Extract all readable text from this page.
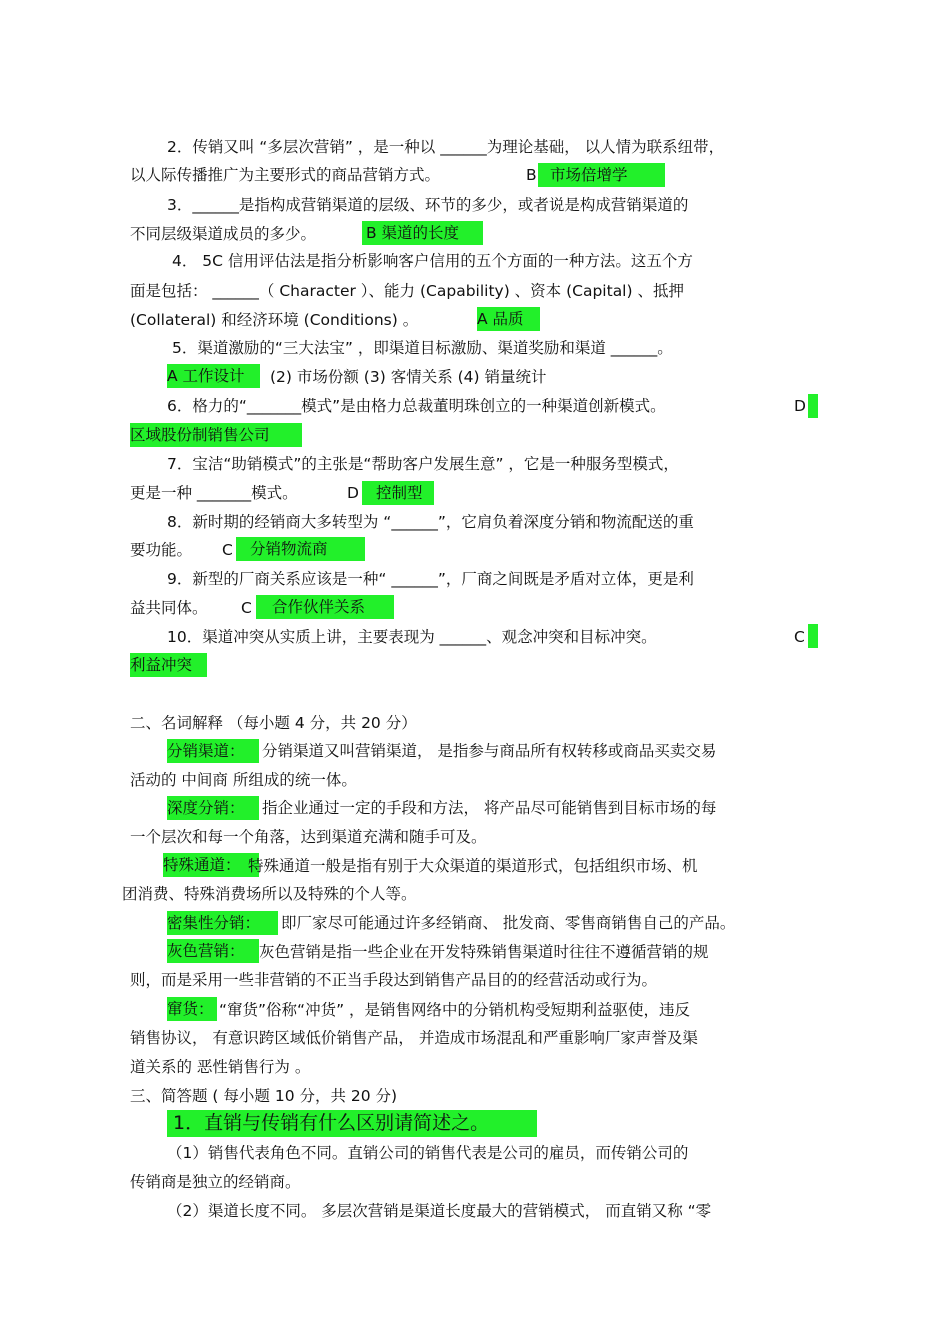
2．传销又叫 “多层次营销” ，是一种以 ______为理论基础， 以人情为联系纽带，
以人际传播推广为主要形式的商品营销方式。	B 市场倍增学
3．______是指构成营销渠道的层级、环节的多少，或者说是构成营销渠道的
不同层级渠道成员的多少。	B 渠道的长度
4． 5C 信用评估法是指分析影响客户信用的五个方面的一种方法。这五个方
面是包括： ______（ Character ）、能力 (Capability) 、资本 (Capital) 、抵押
(Collateral) 和经济环境 (Conditions) 。	A 品质
5．渠道激励的“三大法宝” ，即渠道目标激励、渠道奖励和渠道 ______。
A 工作设计	(2) 市场份额 (3) 客情关系 (4) 销量统计
6．格力的“_______模式”是由格力总裁董明珠创立的一种渠道创新模式。	D
区域股份制销售公司
7．宝洁“助销模式”的主张是“帮助客户发展生意” ，它是一种服务型模式，
更是一种 _______模式。	D	控制型
8．新时期的经销商大多转型为 “______”，它肩负着深度分销和物流配送的重
要功能。 C	分销物流商
9．新型的厂商关系应该是一种“ ______”，厂商之间既是矛盾对立体，更是利
益共同体。 C	合作伙伴关系
10．渠道冲突从实质上讲，主要表现为 ______、观念冲突和目标冲突。	C
利益冲突
二、名词解释 （每小题 4 分，共 20 分）
分销渠道：	分销渠道又叫营销渠道， 是指参与商品所有权转移或商品买卖交易
活动的 中间商 所组成的统一体。
深度分销：	指企业通过一定的手段和方法， 将产品尽可能销售到目标市场的每
一个层次和每一个角落，达到渠道充满和随手可及。
特殊通道： 特殊通道一般是指有别于大众渠道的渠道形式，包括组织市场、机
团消费、特殊消费场所以及特殊的个人等。
密集性分销：	即厂家尽可能通过许多经销商、 批发商、零售商销售自己的产品。
灰色营销： 灰色营销是指一些企业在开发特殊销售渠道时往往不遵循营销的规
则，而是采用一些非营销的不正当手段达到销售产品目的的经营活动或行为。
窜货： “窜货”俗称“冲货” ，是销售网络中的分销机构受短期利益驱使，违反
销售协议， 有意识跨区域低价销售产品， 并造成市场混乱和严重影响厂家声誉及渠
道关系的 恶性销售行为 。
三、简答题 ( 每小题 10 分，共 20 分)
1．直销与传销有什么区别请简述之。
（1）销售代表角色不同。直销公司的销售代表是公司的雇员，而传销公司的
传销商是独立的经销商。
（2）渠道长度不同。 多层次营销是渠道长度最大的营销模式， 而直销又称 “零
